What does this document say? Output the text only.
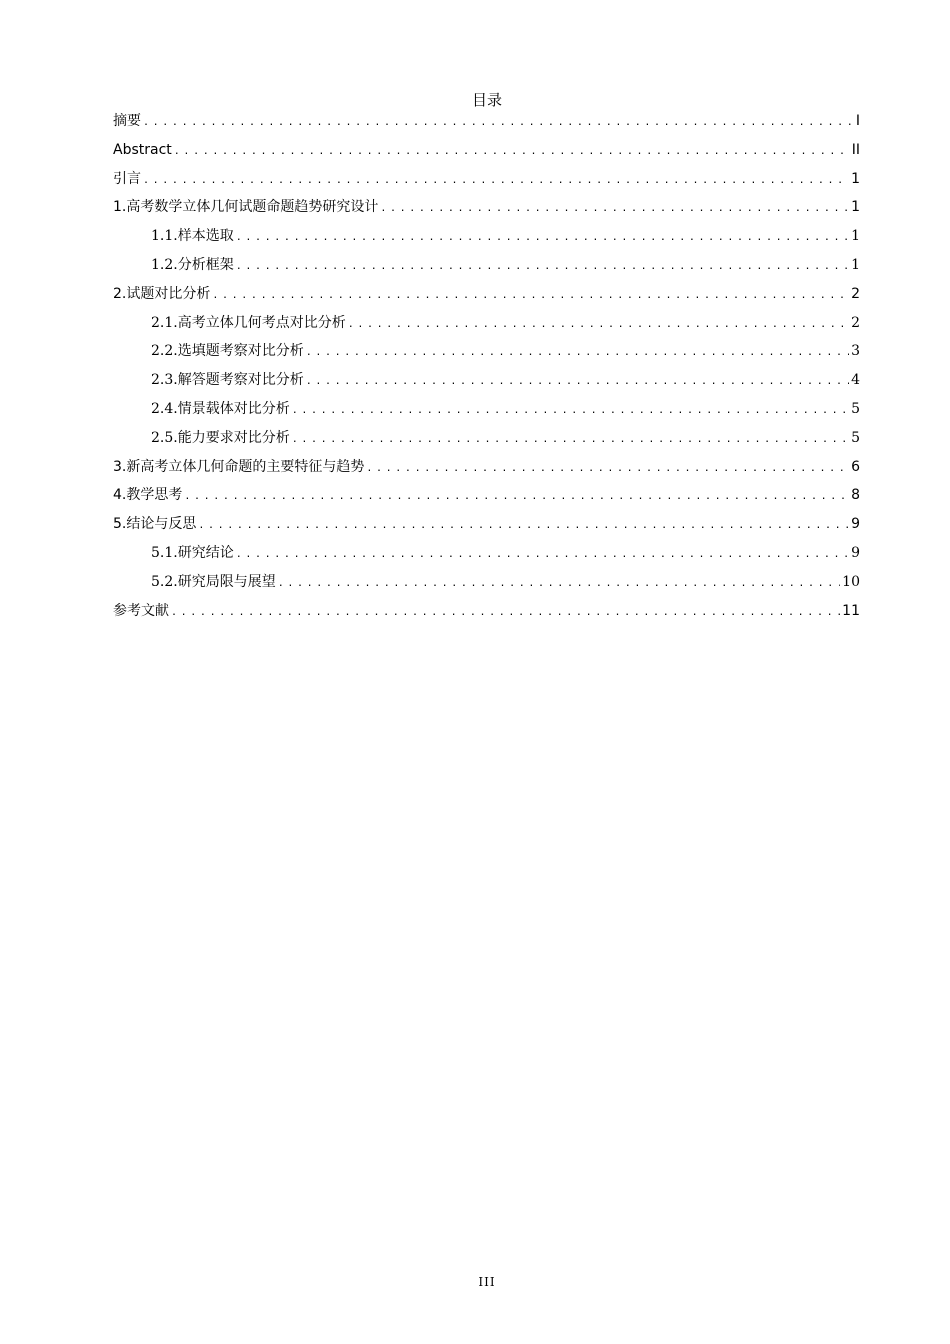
目录
摘要 . . .	I
Abstract . . .	II
引言 . . .	1
1. 高考数学立体几何试题命题趋势研究设计 . . .	1
1.1. 样本选取 . . .	1
1.2. 分析框架 . . .	1
2. 试题对比分析 . . .	2
2.1. 高考立体几何考点对比分析 . . .	2
2.2. 选填题考察对比分析 . . .	3
2.3. 解答题考察对比分析 . . .	4
2.4. 情景载体对比分析 . . .	5
2.5. 能力要求对比分析 . . .	5
3. 新高考立体几何命题的主要特征与趋势 . . .	6
4. 教学思考 . . .	8
5. 结论与反思 . . .	9
5.1. 研究结论 . . .	9
5.2. 研究局限与展望 . . .	10
参考文献 . . .	11
III
